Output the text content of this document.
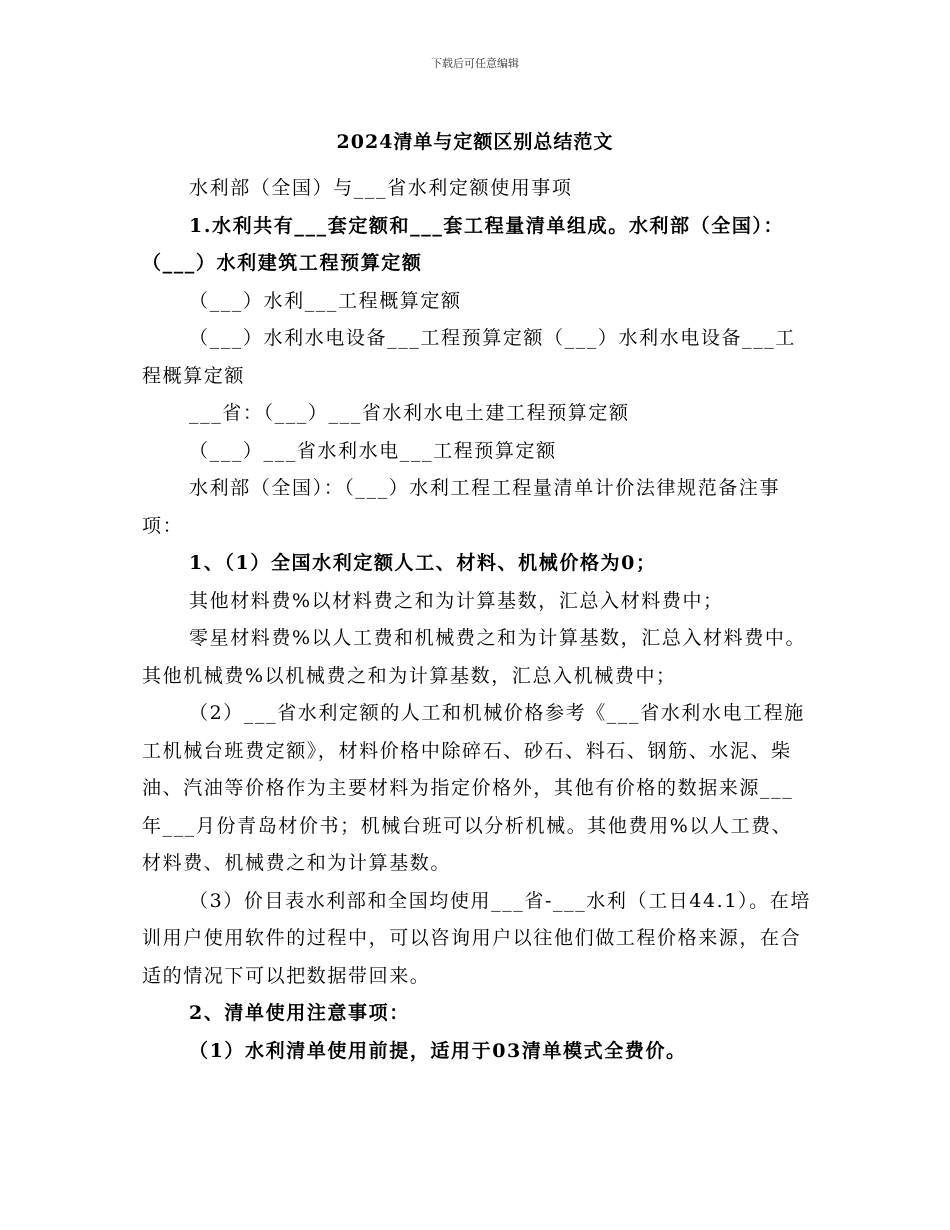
下载后可任意编辑
2024清单与定额区别总结范文

水利部（全国）与___省水利定额使用事项

1.水利共有___套定额和___套工程量清单组成。水利部（全国）：（___）水利建筑工程预算定额

（___）水利___工程概算定额

（___）水利水电设备___工程预算定额（___）水利水电设备___工程概算定额

___省：（___）___省水利水电土建工程预算定额

（___）___省水利水电___工程预算定额

水利部（全国）：（___）水利工程工程量清单计价法律规范备注事项：

1、（1）全国水利定额人工、材料、机械价格为0；

其他材料费%以材料费之和为计算基数，汇总入材料费中；

零星材料费%以人工费和机械费之和为计算基数，汇总入材料费中。其他机械费%以机械费之和为计算基数，汇总入机械费中；

（2）___省水利定额的人工和机械价格参考《___省水利水电工程施工机械台班费定额》，材料价格中除碎石、砂石、料石、钢筋、水泥、柴油、汽油等价格作为主要材料为指定价格外，其他有价格的数据来源___年___月份青岛材价书；机械台班可以分析机械。其他费用%以人工费、材料费、机械费之和为计算基数。

（3）价目表水利部和全国均使用___省-___水利（工日44.1）。在培训用户使用软件的过程中，可以咨询用户以往他们做工程价格来源，在合适的情况下可以把数据带回来。

2、清单使用注意事项：

（1）水利清单使用前提，适用于03清单模式全费价。
